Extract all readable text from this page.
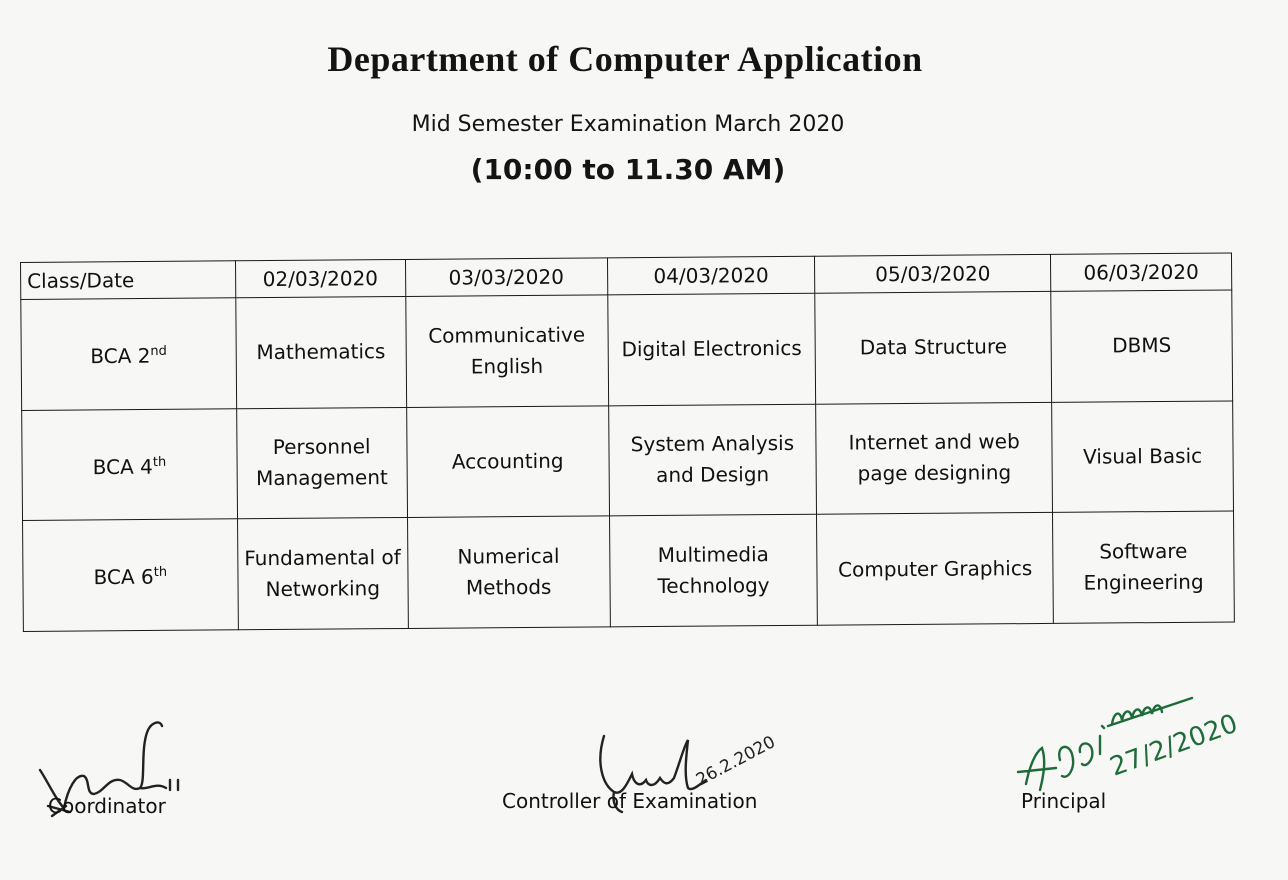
Department of Computer Application
Mid Semester Examination March 2020
(10:00 to 11.30 AM)
Class/Date	02/03/2020	03/03/2020	04/03/2020	05/03/2020	06/03/2020
BCA 2nd	Mathematics	Communicative English	Digital Electronics	Data Structure	DBMS
BCA 4th	Personnel Management	Accounting	System Analysis and Design	Internet and web page designing	Visual Basic
BCA 6th	Fundamental of Networking	Numerical Methods	Multimedia Technology	Computer Graphics	Software Engineering
Coordinator
26.2.2020
Controller of Examination
27/2/2020
Principal
